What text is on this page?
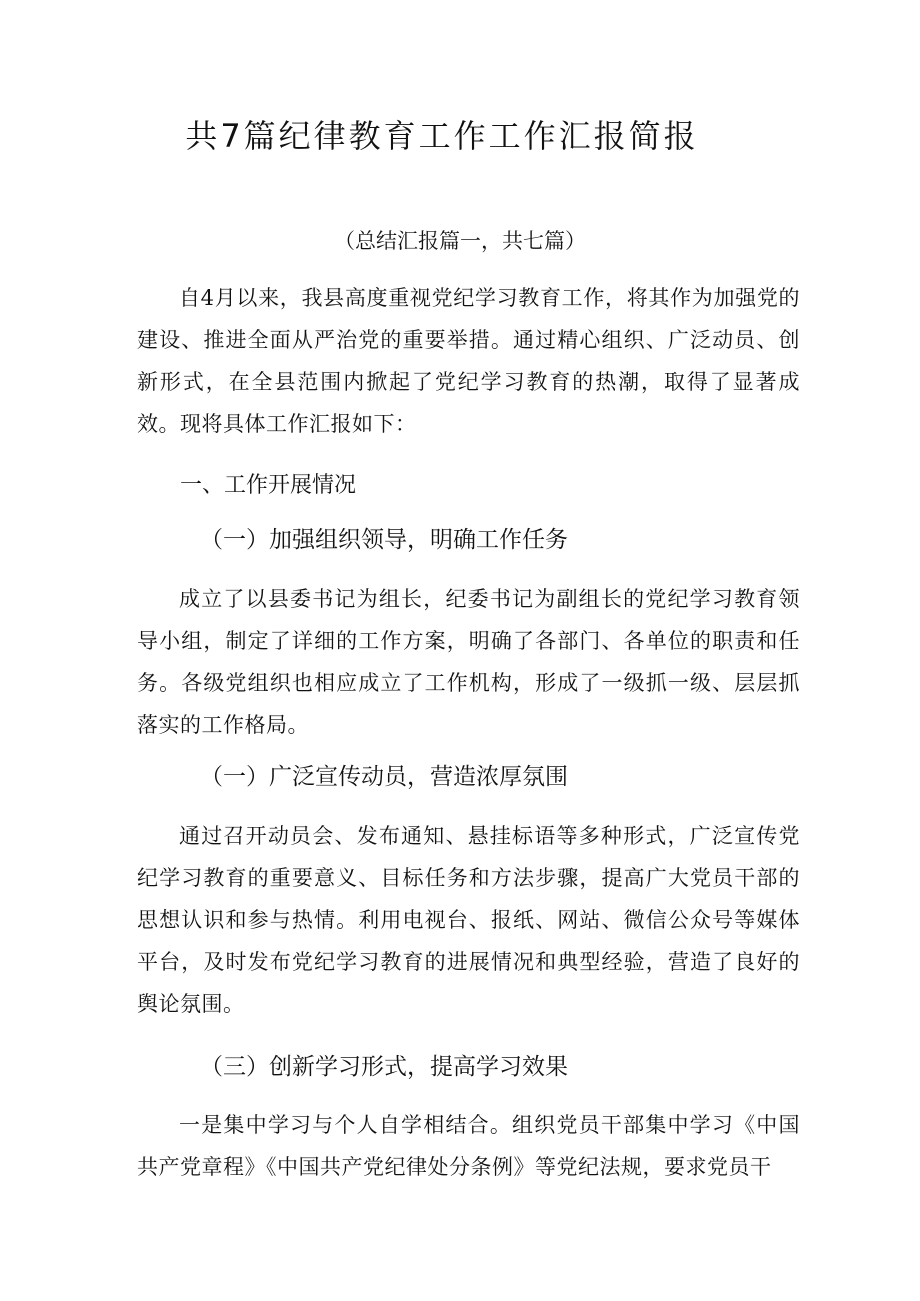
共7篇纪律教育工作工作汇报简报

（总结汇报篇一，共七篇）

自4月以来，我县高度重视党纪学习教育工作，将其作为加强党的建设、推进全面从严治党的重要举措。通过精心组织、广泛动员、创新形式，在全县范围内掀起了党纪学习教育的热潮，取得了显著成效。现将具体工作汇报如下：

一、工作开展情况
（一）加强组织领导，明确工作任务

成立了以县委书记为组长，纪委书记为副组长的党纪学习教育领导小组，制定了详细的工作方案，明确了各部门、各单位的职责和任务。各级党组织也相应成立了工作机构，形成了一级抓一级、层层抓落实的工作格局。

（一）广泛宣传动员，营造浓厚氛围

通过召开动员会、发布通知、悬挂标语等多种形式，广泛宣传党纪学习教育的重要意义、目标任务和方法步骤，提高广大党员干部的思想认识和参与热情。利用电视台、报纸、网站、微信公众号等媒体平台，及时发布党纪学习教育的进展情况和典型经验，营造了良好的舆论氛围。

（三）创新学习形式，提高学习效果

一是集中学习与个人自学相结合。组织党员干部集中学习《中国共产党章程》《中国共产党纪律处分条例》等党纪法规，要求党员干
